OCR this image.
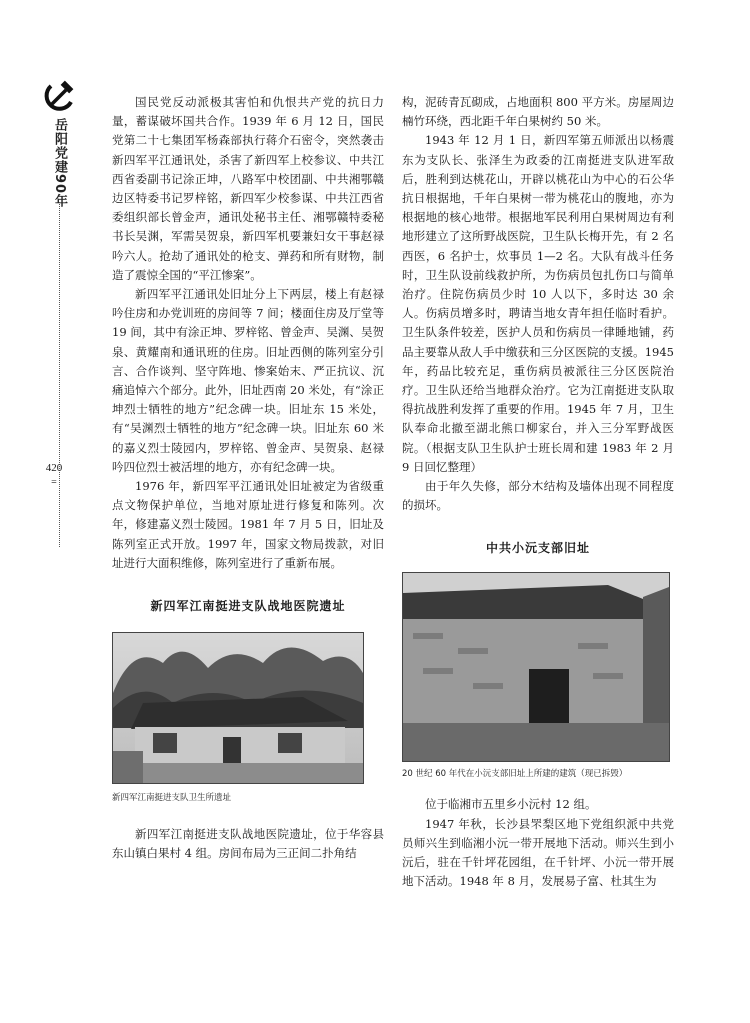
岳阳党建90年
420
=

国民党反动派极其害怕和仇恨共产党的抗日力量，蓄谋破坏国共合作。1939 年 6 月 12 日，国民党第二十七集团军杨森部执行蒋介石密令，突然袭击新四军平江通讯处，杀害了新四军上校参议、中共江西省委副书记涂正坤，八路军中校团副、中共湘鄂赣边区特委书记罗梓铭，新四军少校参谋、中共江西省委组织部长曾金声，通讯处秘书主任、湘鄂赣特委秘书长吴渊，军需吴贺泉，新四军机要兼妇女干事赵禄吟六人。抢劫了通讯处的枪支、弹药和所有财物，制造了震惊全国的“平江惨案”。

新四军平江通讯处旧址分上下两层，楼上有赵禄吟住房和办党训班的房间等 7 间；楼面住房及厅堂等 19 间，其中有涂正坤、罗梓铭、曾金声、吴渊、吴贺泉、黄耀南和通讯班的住房。旧址西侧的陈列室分引言、合作谈判、坚守阵地、惨案始末、严正抗议、沉痛追悼六个部分。此外，旧址西南 20 米处，有“涂正坤烈士牺牲的地方”纪念碑一块。旧址东 15 米处，有“吴渊烈士牺牲的地方”纪念碑一块。旧址东 60 米的嘉义烈士陵园内，罗梓铭、曾金声、吴贺泉、赵禄吟四位烈士被活埋的地方，亦有纪念碑一块。

1976 年，新四军平江通讯处旧址被定为省级重点文物保护单位，当地对原址进行修复和陈列。次年，修建嘉义烈士陵园。1981 年 7 月 5 日，旧址及陈列室正式开放。1997 年，国家文物局拨款，对旧址进行大面积维修，陈列室进行了重新布展。

新四军江南挺进支队战地医院遗址

新四军江南挺进支队卫生所遗址

新四军江南挺进支队战地医院遗址，位于华容县东山镇白果村 4 组。房间布局为三正间二扑角结

构，泥砖青瓦砌成，占地面积 800 平方米。房屋周边楠竹环绕，西北距千年白果树约 50 米。

1943 年 12 月 1 日，新四军第五师派出以杨震东为支队长、张泽生为政委的江南挺进支队进军敌后，胜利到达桃花山，开辟以桃花山为中心的石公华抗日根据地，千年白果树一带为桃花山的腹地，亦为根据地的核心地带。根据地军民利用白果树周边有利地形建立了这所野战医院，卫生队长梅开先，有 2 名西医，6 名护士，炊事员 1—2 名。大队有战斗任务时，卫生队设前线救护所，为伤病员包扎伤口与简单治疗。住院伤病员少时 10 人以下，多时达 30 余人。伤病员增多时，聘请当地女青年担任临时看护。卫生队条件较差，医护人员和伤病员一律睡地铺，药品主要靠从敌人手中缴获和三分区医院的支援。1945 年，药品比较充足，重伤病员被派往三分区医院治疗。卫生队还给当地群众治疗。它为江南挺进支队取得抗战胜利发挥了重要的作用。1945 年 7 月，卫生队奉命北撤至湖北熊口柳家台，并入三分军野战医院。（根据支队卫生队护士班长周和建 1983 年 2 月 9 日回忆整理）

由于年久失修，部分木结构及墙体出现不同程度的损坏。

中共小沅支部旧址

20 世纪 60 年代在小沅支部旧址上所建的建筑（现已拆毁）

位于临湘市五里乡小沅村 12 组。

1947 年秋，长沙县罘梨区地下党组织派中共党员师兴生到临湘小沅一带开展地下活动。师兴生到小沅后，驻在千针坪花园组，在千针坪、小沅一带开展地下活动。1948 年 8 月，发展易子富、杜其生为
